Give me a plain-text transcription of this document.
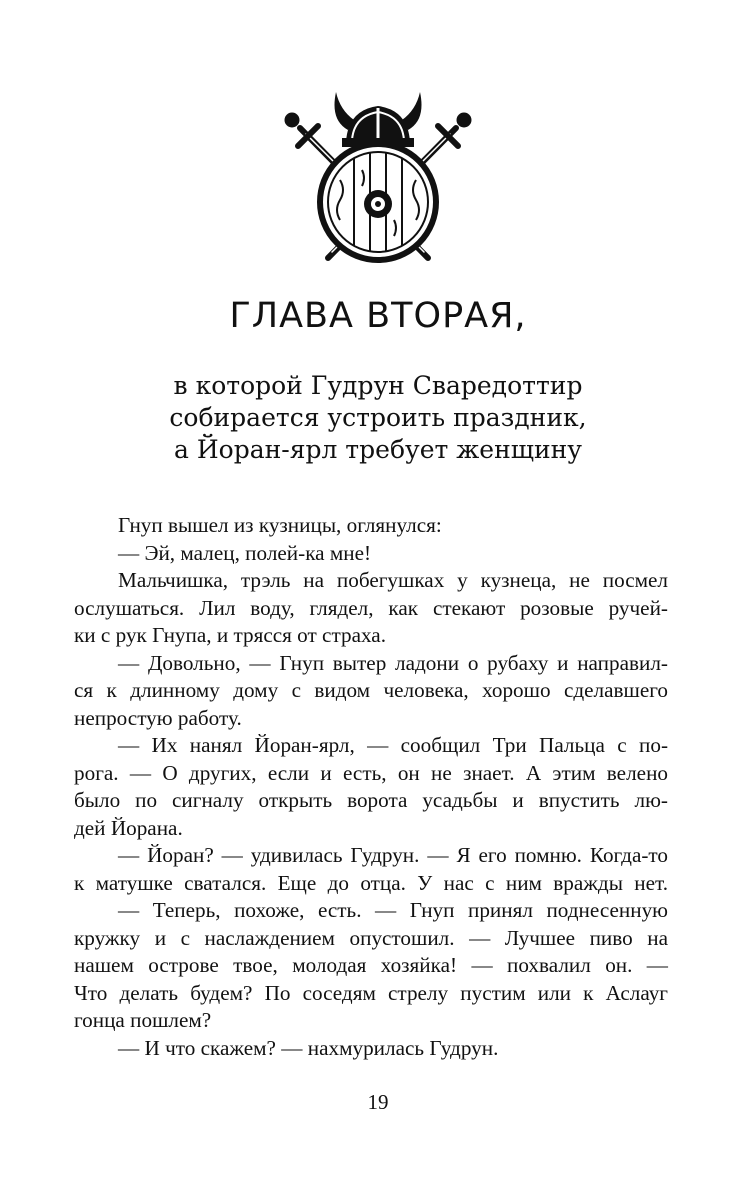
ГЛАВА ВТОРАЯ,
в которой Гудрун Сваредоттир
собирается устроить праздник,
а Йоран-ярл требует женщину
Гнуп вышел из кузницы, оглянулся:
— Эй, малец, полей-ка мне!
Мальчишка, трэль на побегушках у кузнеца, не посмел
ослушаться. Лил воду, глядел, как стекают розовые ручей-
ки с рук Гнупа, и трясся от страха.
— Довольно, — Гнуп вытер ладони о рубаху и направил-
ся к длинному дому с видом человека, хорошо сделавшего
непростую работу.
— Их нанял Йоран-ярл, — сообщил Три Пальца с по-
рога. — О других, если и есть, он не знает. А этим велено
было по сигналу открыть ворота усадьбы и впустить лю-
дей Йорана.
— Йоран? — удивилась Гудрун. — Я его помню. Когда-то
к матушке сватался. Еще до отца. У нас с ним вражды нет.
— Теперь, похоже, есть. — Гнуп принял поднесенную
кружку и с наслаждением опустошил. — Лучшее пиво на
нашем острове твое, молодая хозяйка! — похвалил он. —
Что делать будем? По соседям стрелу пустим или к Аслауг
гонца пошлем?
— И что скажем? — нахмурилась Гудрун.
19
